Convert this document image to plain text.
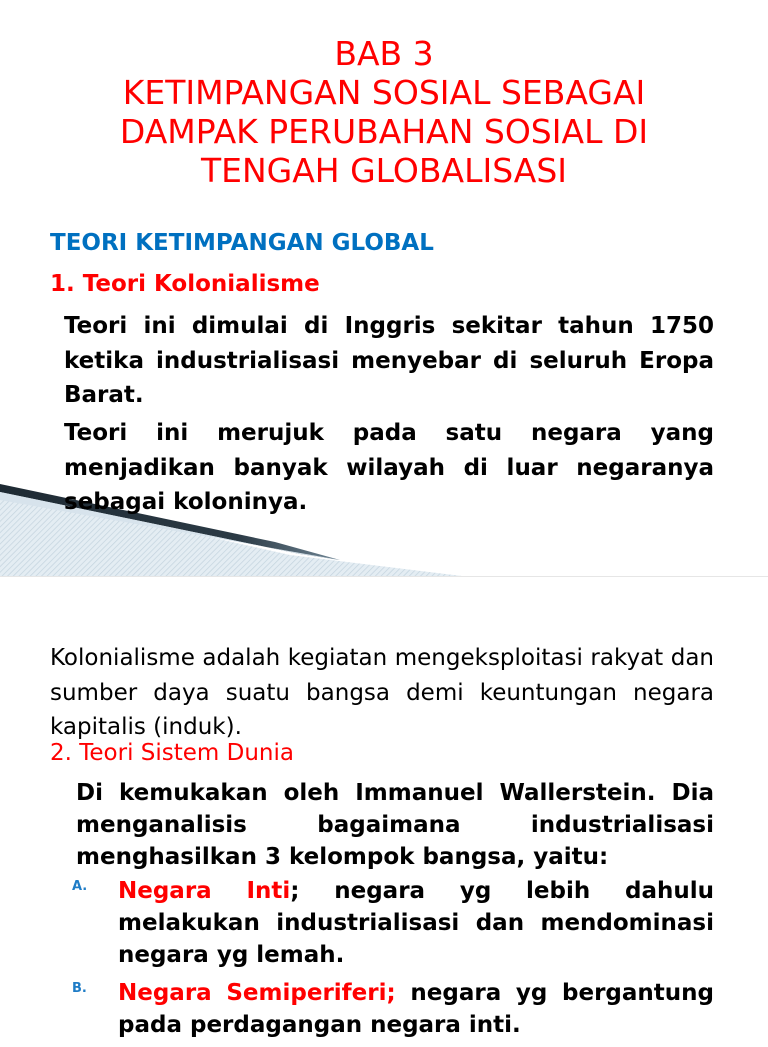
BAB 3
KETIMPANGAN SOSIAL SEBAGAI
DAMPAK PERUBAHAN SOSIAL DI
TENGAH GLOBALISASI
TEORI KETIMPANGAN GLOBAL
1. Teori Kolonialisme
Teori ini dimulai di Inggris sekitar tahun 1750 ketika industrialisasi menyebar di seluruh Eropa Barat.
Teori ini merujuk pada satu negara yang menjadikan banyak wilayah di luar negaranya sebagai koloninya.
Kolonialisme adalah kegiatan mengeksploitasi rakyat dan sumber daya suatu bangsa demi keuntungan negara kapitalis (induk).
2. Teori Sistem Dunia
Di kemukakan oleh Immanuel Wallerstein. Dia menganalisis bagaimana industrialisasi menghasilkan 3 kelompok bangsa, yaitu:
A. Negara Inti; negara yg lebih dahulu melakukan industrialisasi dan mendominasi negara yg lemah.
B. Negara Semiperiferi; negara yg bergantung pada perdagangan negara inti.
